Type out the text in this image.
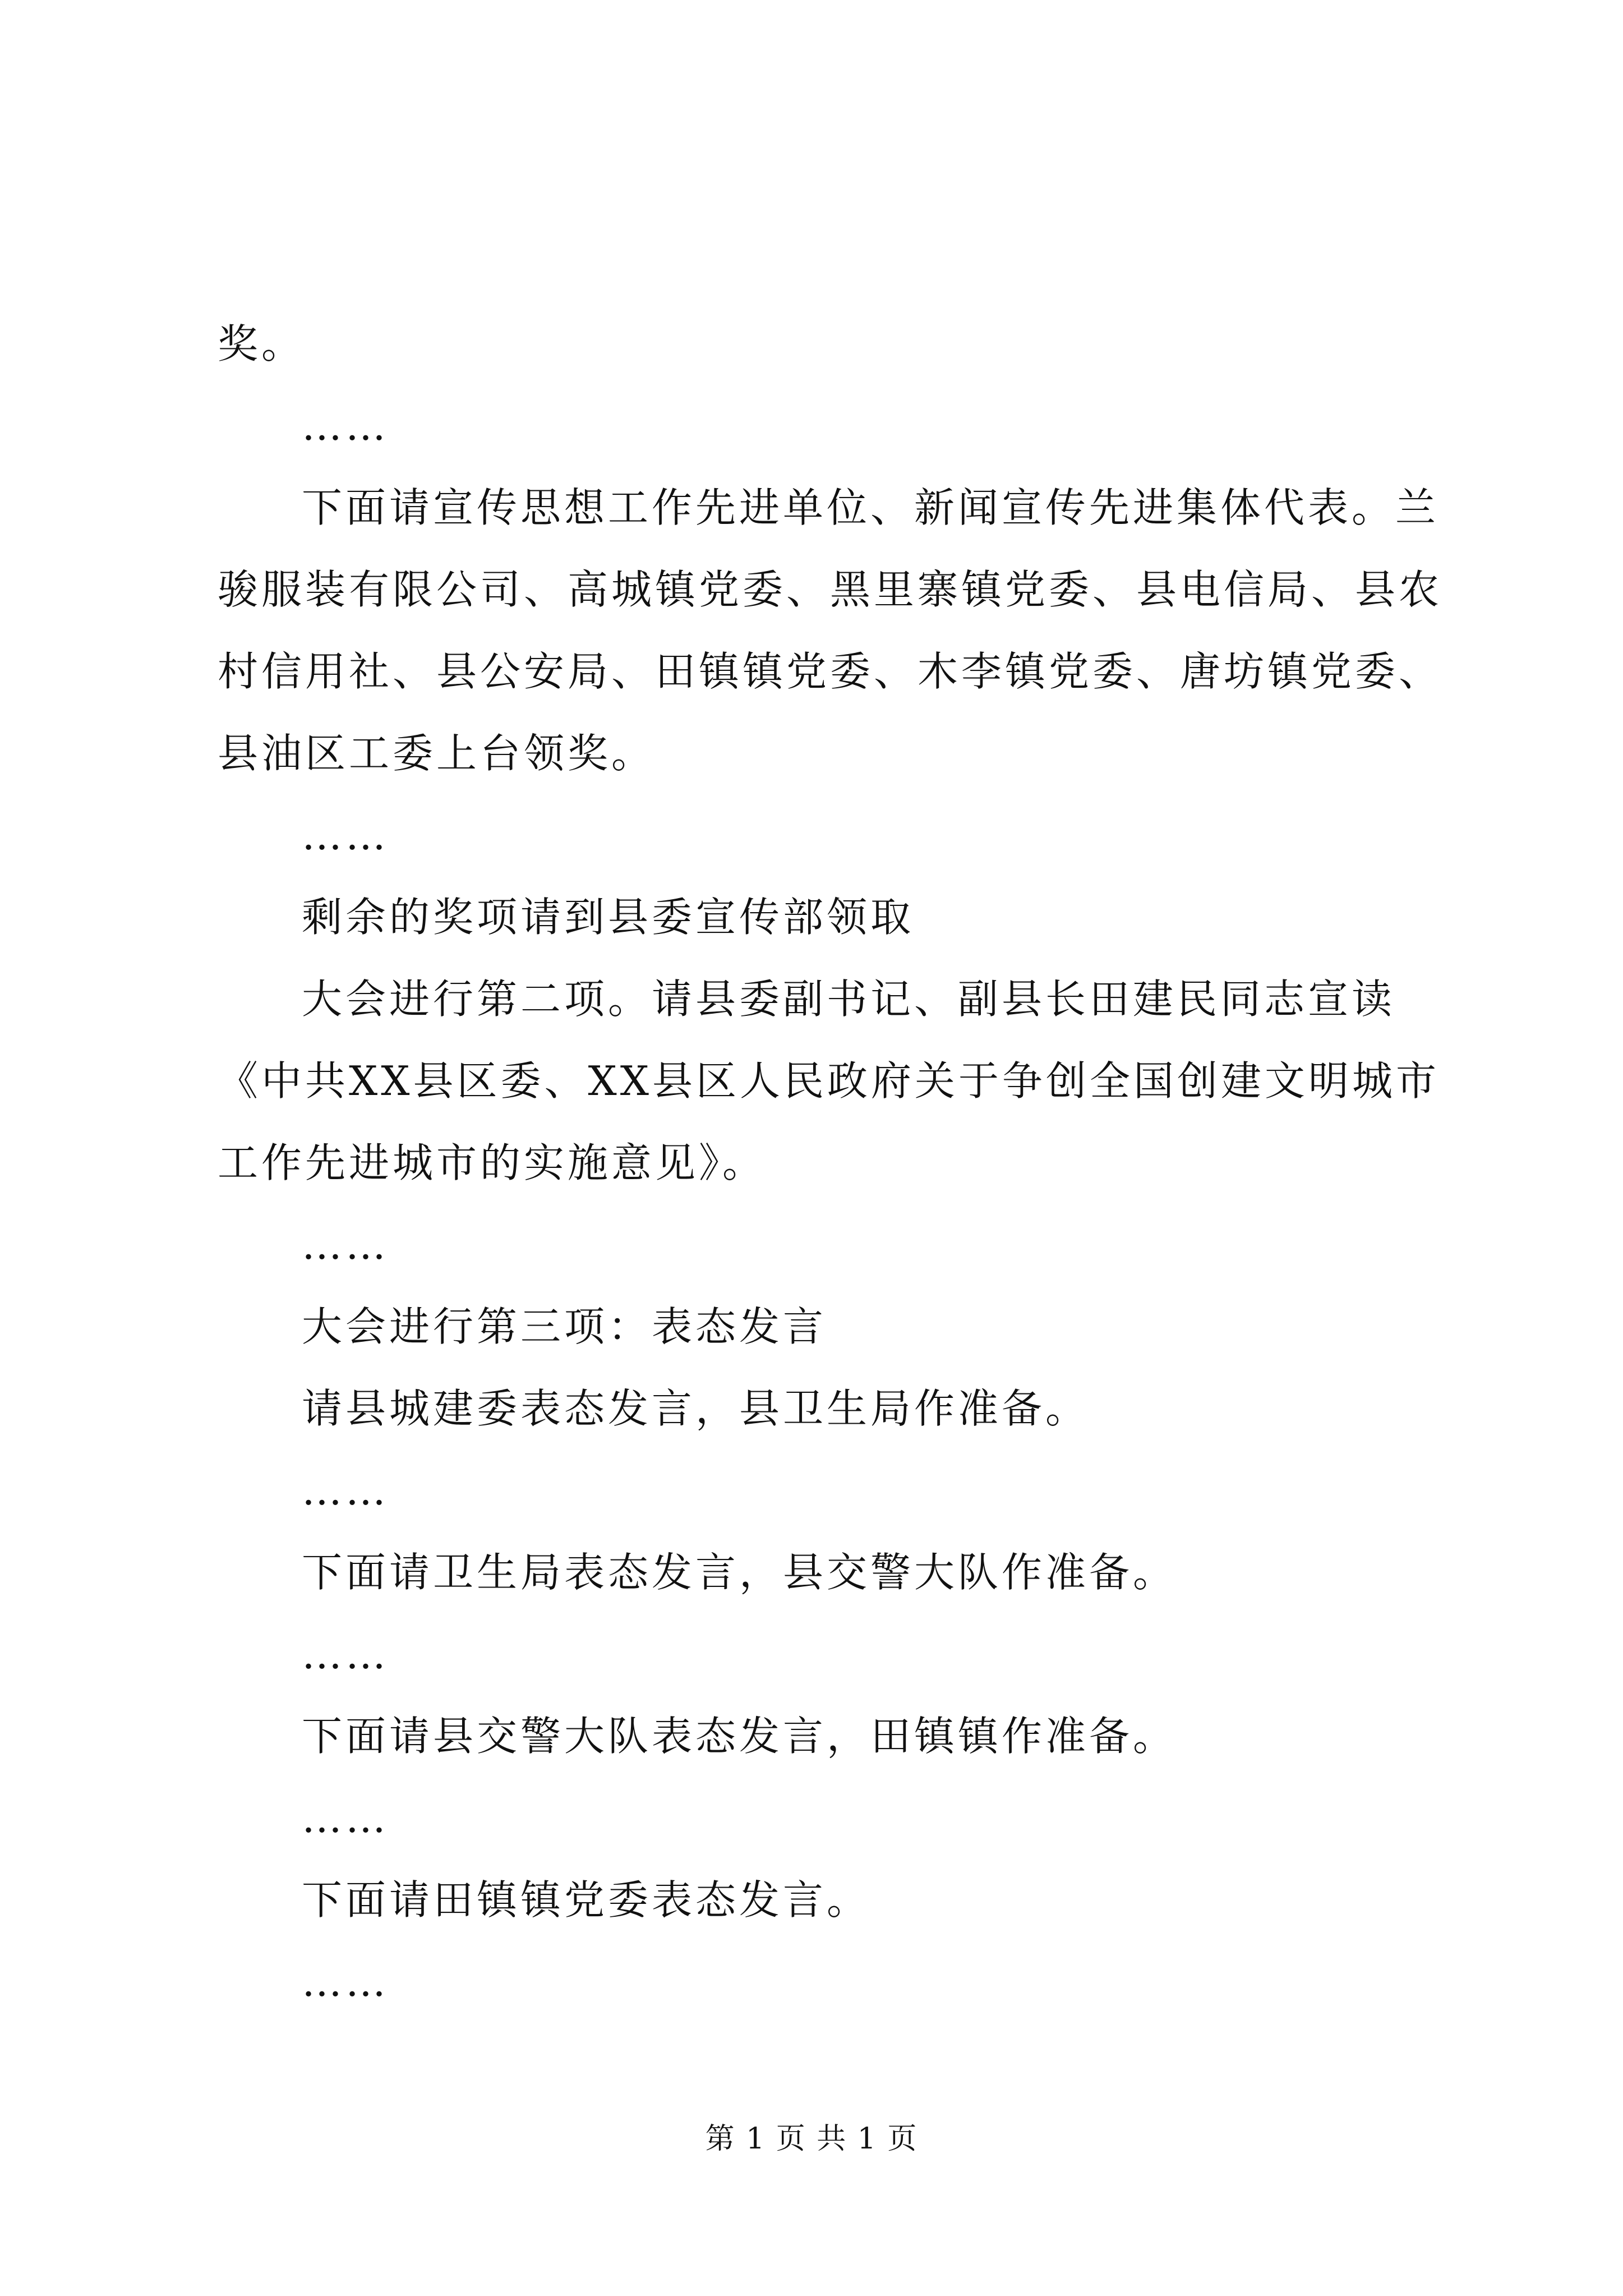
奖。

……

下面请宣传思想工作先进单位、新闻宣传先进集体代表。兰

骏服装有限公司、高城镇党委、黑里寨镇党委、县电信局、县农

村信用社、县公安局、田镇镇党委、木李镇党委、唐坊镇党委、

县油区工委上台领奖。

……

剩余的奖项请到县委宣传部领取

大会进行第二项。请县委副书记、副县长田建民同志宣读

《中共XX县区委、XX县区人民政府关于争创全国创建文明城市

工作先进城市的实施意见》。

……

大会进行第三项：表态发言

请县城建委表态发言，县卫生局作准备。

……

下面请卫生局表态发言，县交警大队作准备。

……

下面请县交警大队表态发言，田镇镇作准备。

……

下面请田镇镇党委表态发言。

……

第 1 页 共 1 页
